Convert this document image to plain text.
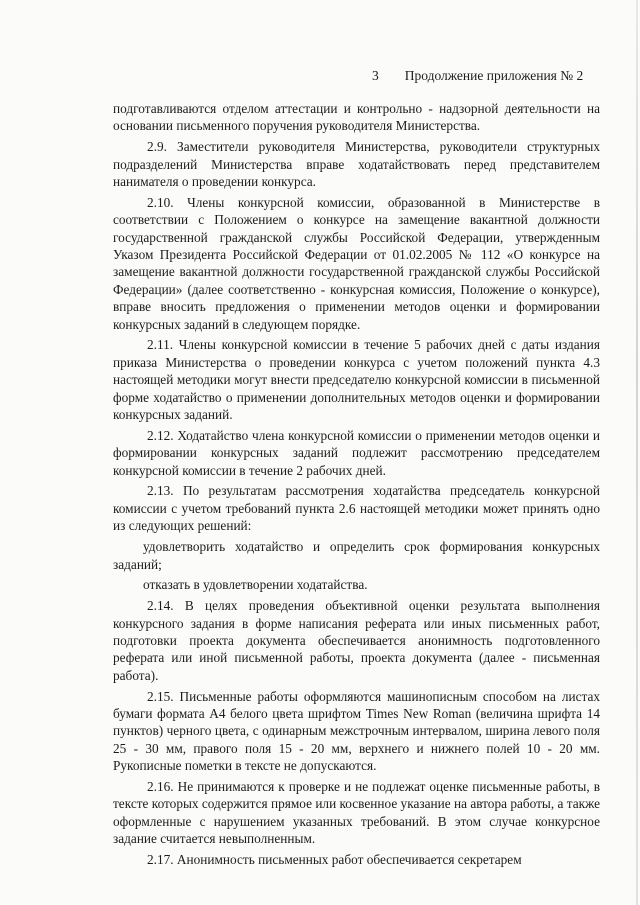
3 Продолжение приложения № 2

подготавливаются отделом аттестации и контрольно - надзорной деятельности на основании письменного поручения руководителя Министерства.

2.9. Заместители руководителя Министерства, руководители структурных подразделений Министерства вправе ходатайствовать перед представителем нанимателя о проведении конкурса.

2.10. Члены конкурсной комиссии, образованной в Министерстве в соответствии с Положением о конкурсе на замещение вакантной должности государственной гражданской службы Российской Федерации, утвержденным Указом Президента Российской Федерации от 01.02.2005 № 112 «О конкурсе на замещение вакантной должности государственной гражданской службы Российской Федерации» (далее соответственно - конкурсная комиссия, Положение о конкурсе), вправе вносить предложения о применении методов оценки и формировании конкурсных заданий в следующем порядке.

2.11. Члены конкурсной комиссии в течение 5 рабочих дней с даты издания приказа Министерства о проведении конкурса с учетом положений пункта 4.3 настоящей методики могут внести председателю конкурсной комиссии в письменной форме ходатайство о применении дополнительных методов оценки и формировании конкурсных заданий.

2.12. Ходатайство члена конкурсной комиссии о применении методов оценки и формировании конкурсных заданий подлежит рассмотрению председателем конкурсной комиссии в течение 2 рабочих дней.

2.13. По результатам рассмотрения ходатайства председатель конкурсной комиссии с учетом требований пункта 2.6 настоящей методики может принять одно из следующих решений:

удовлетворить ходатайство и определить срок формирования конкурсных заданий;

отказать в удовлетворении ходатайства.

2.14. В целях проведения объективной оценки результата выполнения конкурсного задания в форме написания реферата или иных письменных работ, подготовки проекта документа обеспечивается анонимность подготовленного реферата или иной письменной работы, проекта документа (далее - письменная работа).

2.15. Письменные работы оформляются машинописным способом на листах бумаги формата А4 белого цвета шрифтом Times New Roman (величина шрифта 14 пунктов) черного цвета, с одинарным межстрочным интервалом, ширина левого поля 25 - 30 мм, правого поля 15 - 20 мм, верхнего и нижнего полей 10 - 20 мм. Рукописные пометки в тексте не допускаются.

2.16. Не принимаются к проверке и не подлежат оценке письменные работы, в тексте которых содержится прямое или косвенное указание на автора работы, а также оформленные с нарушением указанных требований. В этом случае конкурсное задание считается невыполненным.

2.17. Анонимность письменных работ обеспечивается секретарем
